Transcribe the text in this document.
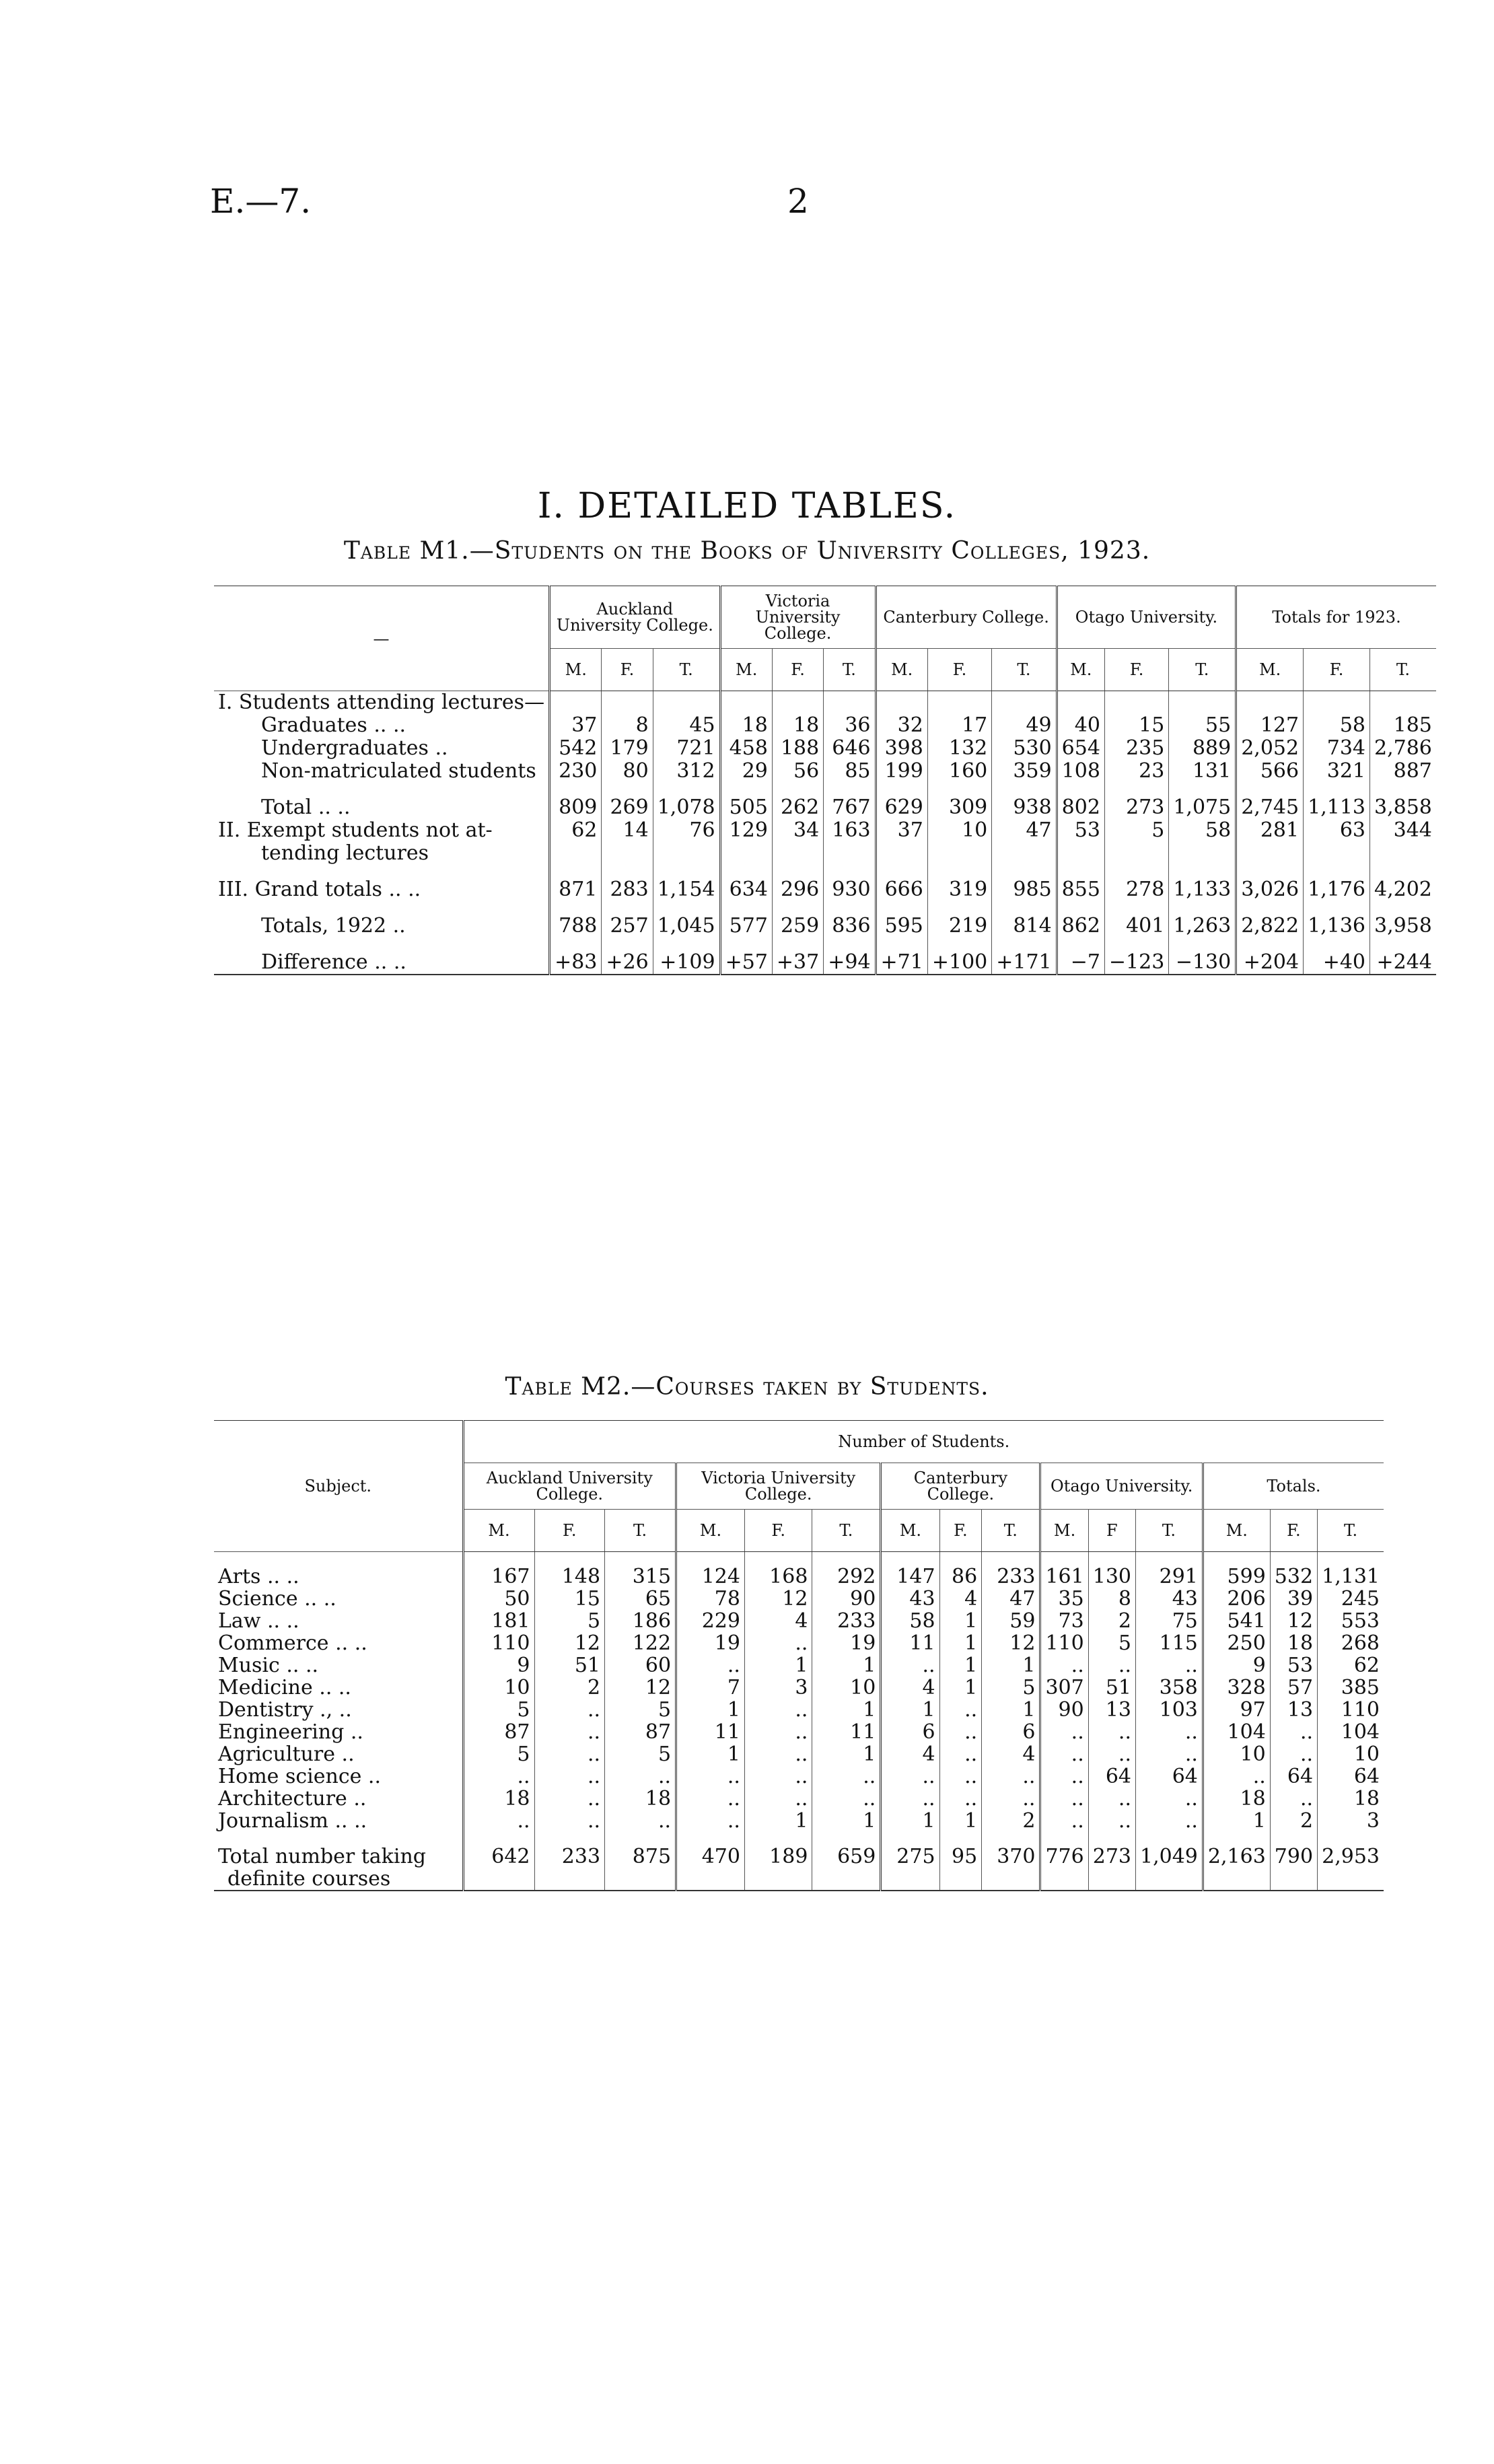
E.—7.	2
I. DETAILED TABLES.
Table M1.—Students on the Books of University Colleges, 1923.
—	Auckland University College.			Victoria University College.			Canterbury College.			Otago University.			Totals for 1923.		
	M.	F.	T.	M.	F.	T.	M.	F.	T.	M.	F.	T.	M.	F.	T.
I. Students attending lectures—															
Graduates .. ..	37	8	45	18	18	36	32	17	49	40	15	55	127	58	185
Undergraduates ..	542	179	721	458	188	646	398	132	530	654	235	889	2,052	734	2,786
Non-matriculated students	230	80	312	29	56	85	199	160	359	108	23	131	566	321	887

Total .. ..	809	269	1,078	505	262	767	629	309	938	802	273	1,075	2,745	1,113	3,858
II. Exempt students not at-	62	14	76	129	34	163	37	10	47	53	5	58	281	63	344
tending lectures															

III. Grand totals .. ..	871	283	1,154	634	296	930	666	319	985	855	278	1,133	3,026	1,176	4,202

Totals, 1922 ..	788	257	1,045	577	259	836	595	219	814	862	401	1,263	2,822	1,136	3,958

Difference .. ..	+83	+26	+109	+57	+37	+94	+71	+100	+171	−7	−123	−130	+204	+40	+244
Table M2.—Courses taken by Students.
Subject.	Number of Students.														
	Auckland University College.			Victoria University College.			Canterbury College.			Otago University.			Totals.		
	M.	F.	T.	M.	F.	T.	M.	F.	T.	M.	F	T.	M.	F.	T.

Arts .. ..	167	148	315	124	168	292	147	86	233	161	130	291	599	532	1,131
Science .. ..	50	15	65	78	12	90	43	4	47	35	8	43	206	39	245
Law .. ..	181	5	186	229	4	233	58	1	59	73	2	75	541	12	553
Commerce .. ..	110	12	122	19	..	19	11	1	12	110	5	115	250	18	268
Music .. ..	9	51	60	..	1	1	..	1	1	..	..	..	9	53	62
Medicine .. ..	10	2	12	7	3	10	4	1	5	307	51	358	328	57	385
Dentistry ., ..	5	..	5	1	..	1	1	..	1	90	13	103	97	13	110
Engineering ..	87	..	87	11	..	11	6	..	6	..	..	..	104	..	104
Agriculture ..	5	..	5	1	..	1	4	..	4	..	..	..	10	..	10
Home science ..	..	..	..	..	..	..	..	..	..	..	64	64	..	64	64
Architecture ..	18	..	18	..	..	..	..	..	..	..	..	..	18	..	18
Journalism .. ..	..	..	..	..	1	1	1	1	2	..	..	..	1	2	3

Total number taking	642	233	875	470	189	659	275	95	370	776	273	1,049	2,163	790	2,953
definite courses															
